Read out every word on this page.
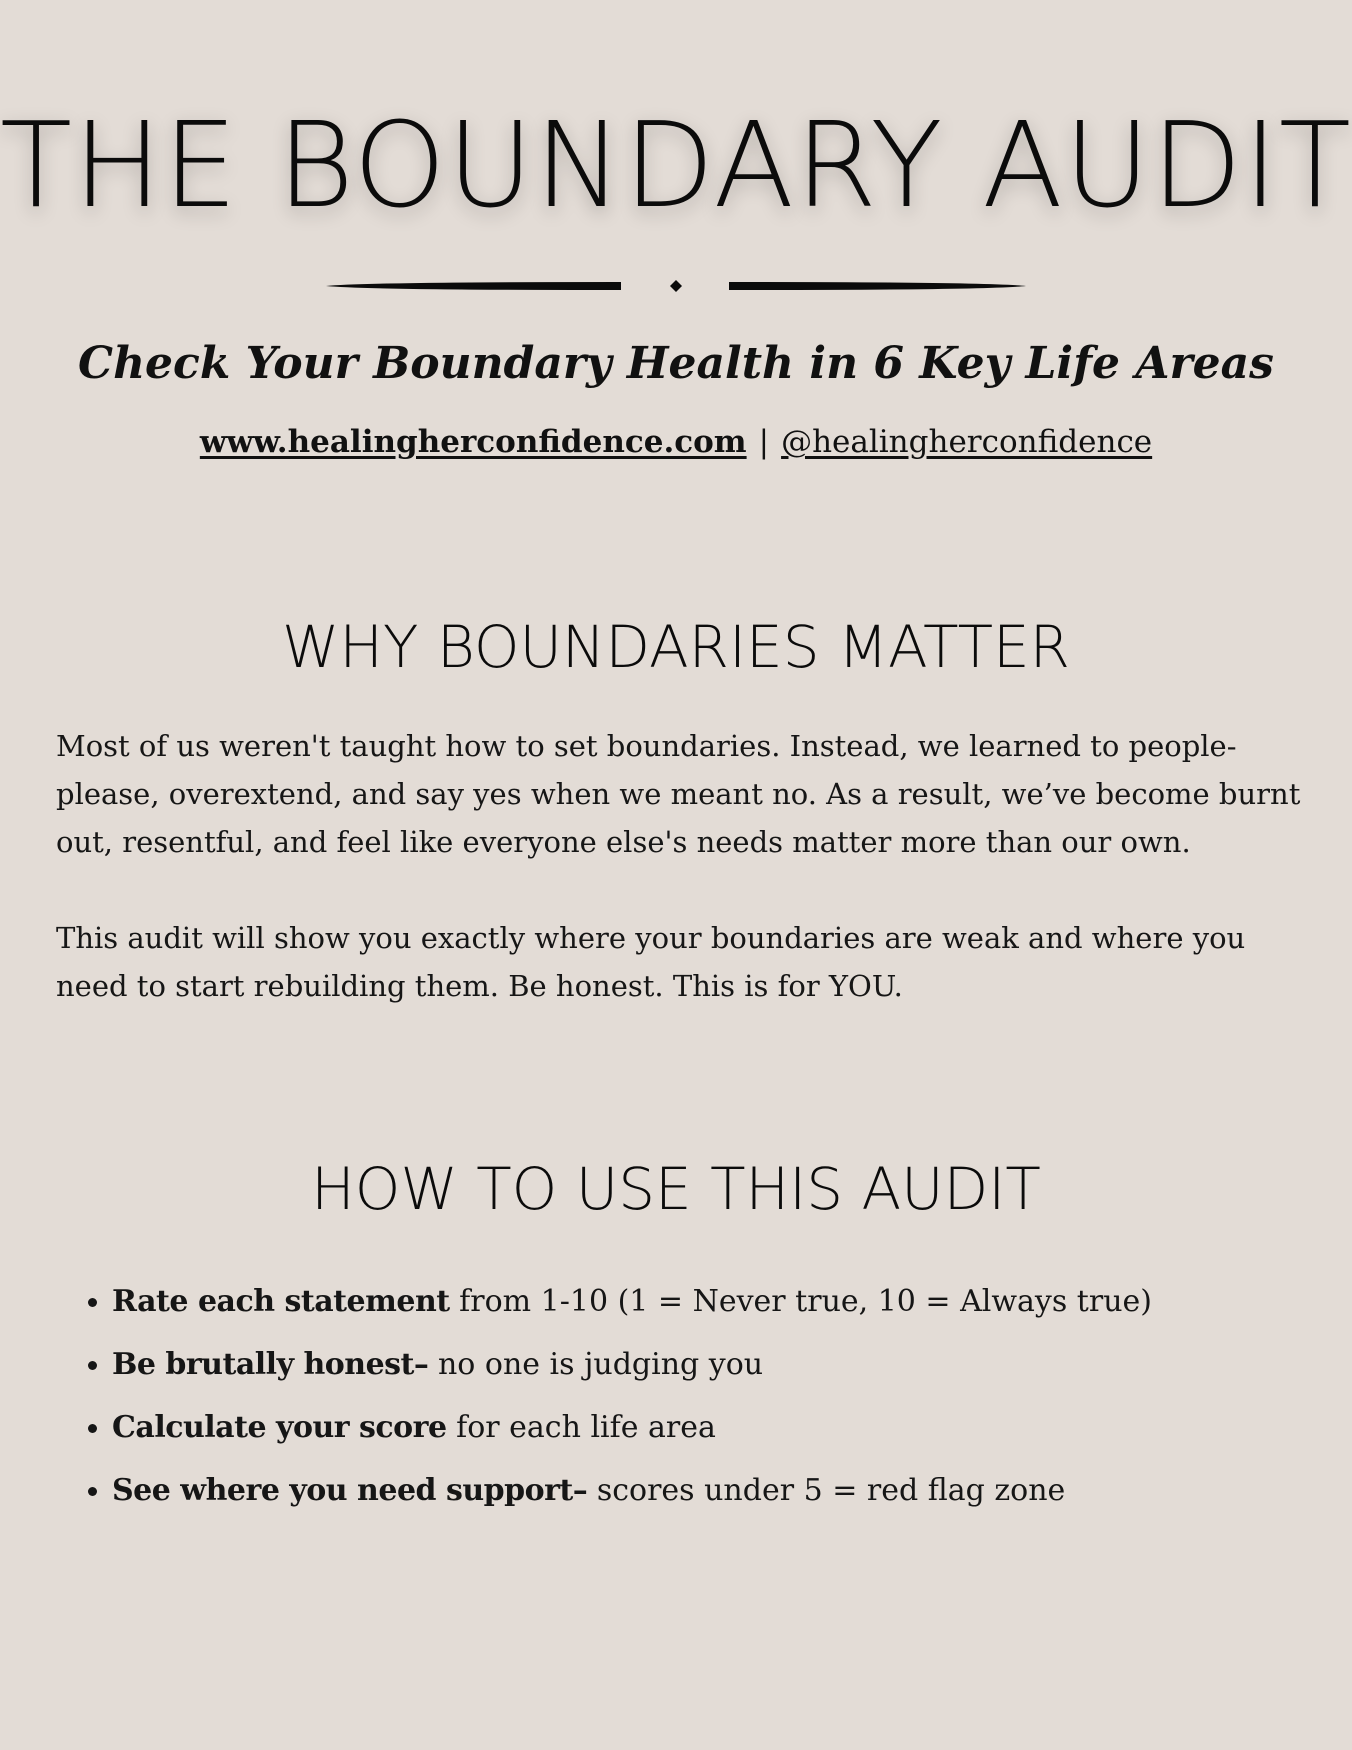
THE BOUNDARY AUDIT
Check Your Boundary Health in 6 Key Life Areas
www.healingherconfidence.com | @healingherconfidence
WHY BOUNDARIES MATTER

Most of us weren't taught how to set boundaries. Instead, we learned to people-please, overextend, and say yes when we meant no. As a result, we’ve become burnt out, resentful, and feel like everyone else's needs matter more than our own.

This audit will show you exactly where your boundaries are weak and where you need to start rebuilding them. Be honest. This is for YOU.

HOW TO USE THIS AUDIT
• Rate each statement from 1-10 (1 = Never true, 10 = Always true)
• Be brutally honest– no one is judging you
• Calculate your score for each life area
• See where you need support– scores under 5 = red flag zone
